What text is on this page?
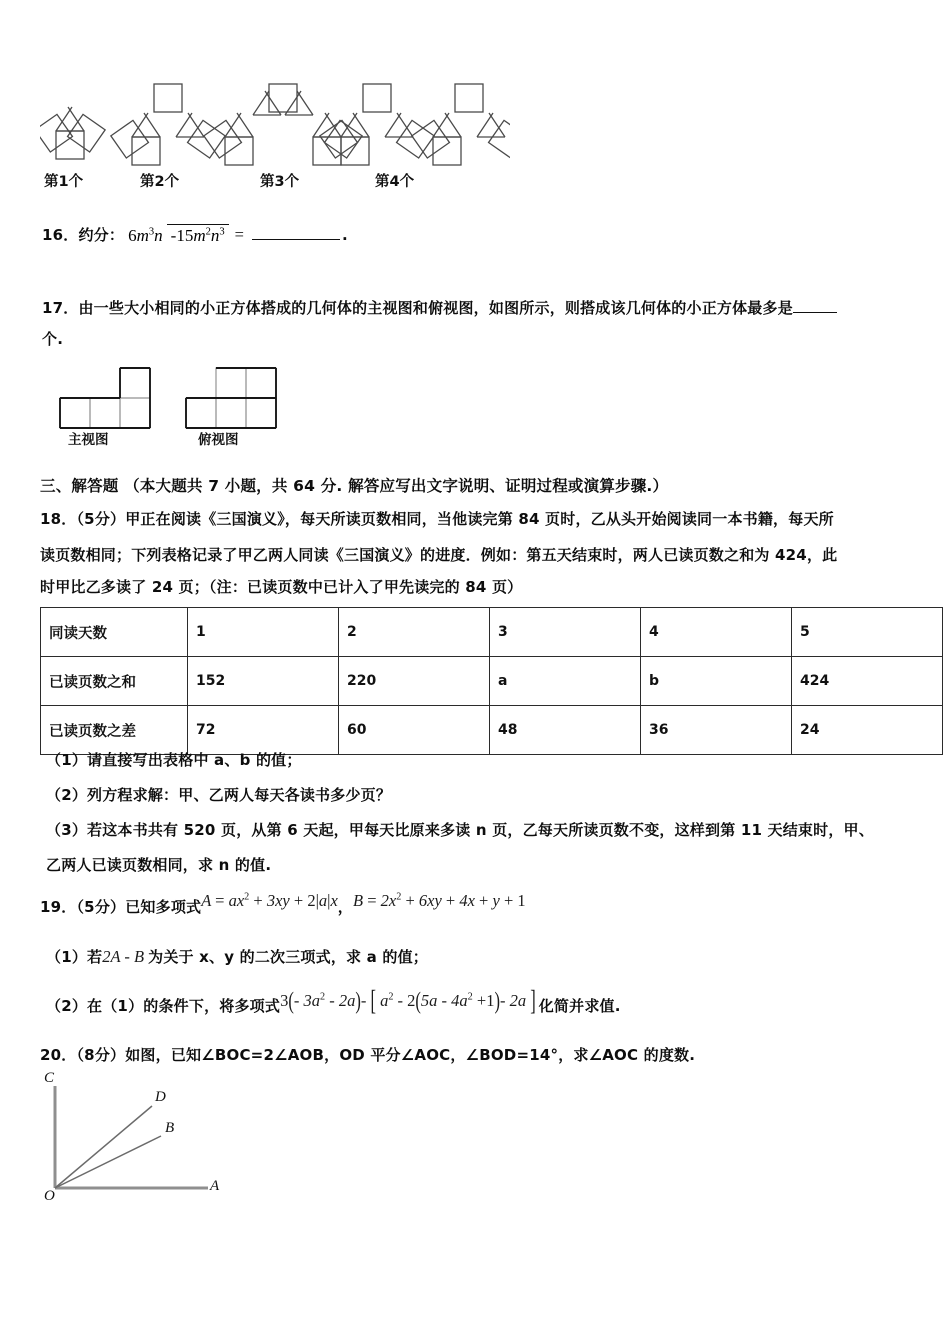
第1个	第2个	第3个	第4个
16．约分： $6m^3n$ $-15m^2n^3$ =	.
17．由一些大小相同的小正方体搭成的几何体的主视图和俯视图，如图所示，则搭成该几何体的小正方体最多是
个.
主视图	俯视图
三、解答题 （本大题共 7 小题，共 64 分. 解答应写出文字说明、证明过程或演算步骤.）
18．（5分）甲正在阅读《三国演义》，每天所读页数相同，当他读完第 84 页时，乙从头开始阅读同一本书籍，每天所
读页数相同；下列表格记录了甲乙两人同读《三国演义》的进度．例如：第五天结束时，两人已读页数之和为 424，此
时甲比乙多读了 24 页；（注：已读页数中已计入了甲先读完的 84 页）
同读天数	1	2	3	4	5
已读页数之和	152	220	a	b	424
已读页数之差	72	60	48	36	24
（1）请直接写出表格中 a、b 的值；
（2）列方程求解：甲、乙两人每天各读书多少页？
（3）若这本书共有 520 页，从第 6 天起，甲每天比原来多读 n 页，乙每天所读页数不变，这样到第 11 天结束时，甲、
乙两人已读页数相同，求 n 的值.
19．（5分）已知多项式$A = ax^2 + 3xy + 2|a|x$，$B = 2x^2 + 6xy + 4x + y + 1$
（1）若2A - B 为关于 x、y 的二次三项式，求 a 的值；
（2）在（1）的条件下，将多项式3(- $3a^2 - 2a)-$ [ $a^2 - 2(5a - 4a^2 +1)-$ 2a ] 化简并求值.
20．（8分）如图，已知∠BOC=2∠AOB，OD 平分∠AOC，∠BOD=14°，求∠AOC 的度数.
C
D
B
A
O
